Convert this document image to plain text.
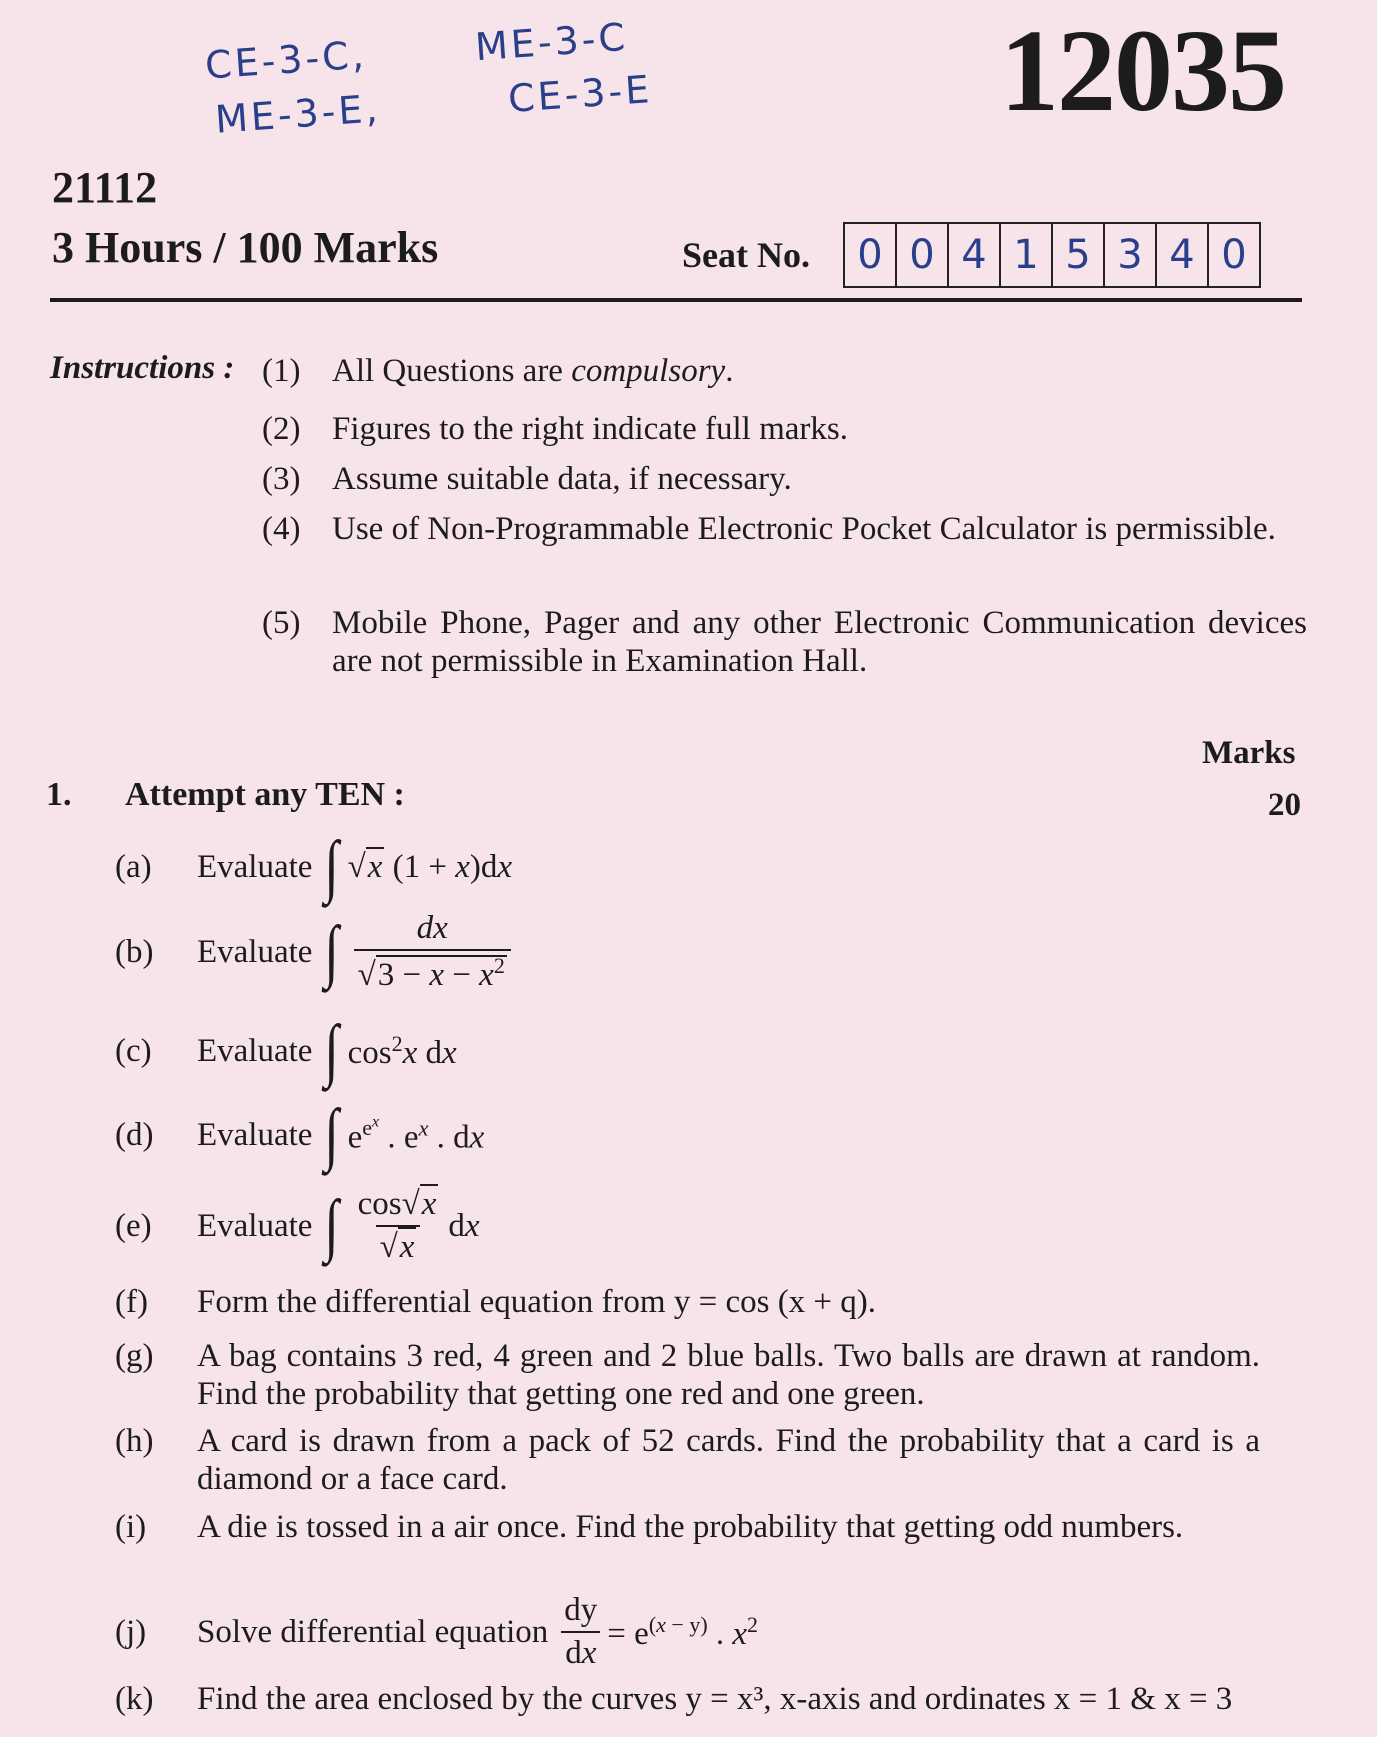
CE-3-C,	ME-3-C
ME-3-E,	CE-3-E	12035
21112
3 Hours / 100 Marks	Seat No.	0 0 4 1 5 3 4 0
Instructions : (1) All Questions are compulsory.
(2) Figures to the right indicate full marks.
(3) Assume suitable data, if necessary.
(4) Use of Non-Programmable Electronic Pocket Calculator is permissible.
(5) Mobile Phone, Pager and any other Electronic Communication devices are not permissible in Examination Hall.
Marks
1. Attempt any TEN :	20
(a)	Evaluate ∫ √x (1 + x)dx
(b)	Evaluate ∫ $\frac{dx}{√3 - x - x^2}$
(c)	Evaluate ∫ $\cos^2x$ dx
(d)	Evaluate ∫ $e^{e^x}$ . $e^x$ . dx
(e)	Evaluate ∫ $\frac{\cos√x}{√x}$ dx
(f)	Form the differential equation from y = cos (x + q).
(g)	A bag contains 3 red, 4 green and 2 blue balls. Two balls are drawn at random. Find the probability that getting one red and one green.
(h)	A card is drawn from a pack of 52 cards. Find the probability that a card is a diamond or a face card.
(i)	A die is tossed in a air once. Find the probability that getting odd numbers.
(j)	Solve differential equation $\frac{dy}{dx} = e^{(x - y)}$ . $x^2$
(k)	Find the area enclosed by the curves y = x³, x-axis and ordinates x = 1 & x = 3
